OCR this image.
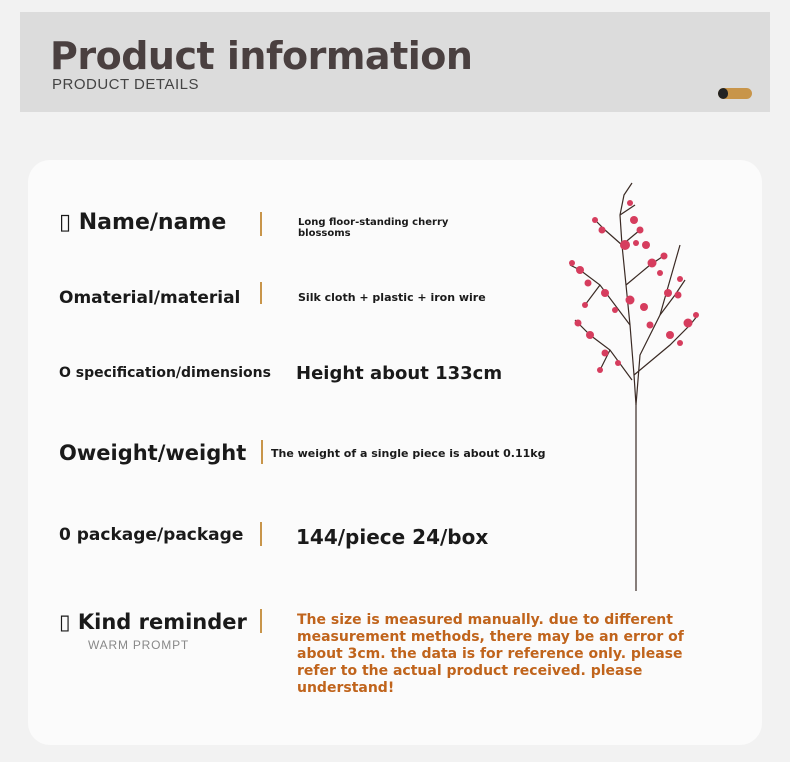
Product information
PRODUCT DETAILS
▯ Name/name	Long floor-standing cherry blossoms
Omaterial/material	Silk cloth + plastic + iron wire
O specification/dimensions Height about 133cm
Oweight/weight The weight of a single piece is about 0.11kg
0 package/package	144/piece 24/box
▯ Kind reminder
WARM PROMPT
The size is measured manually. due to different measurement methods, there may be an error of about 3cm. the data is for reference only. please refer to the actual product received. please understand!
